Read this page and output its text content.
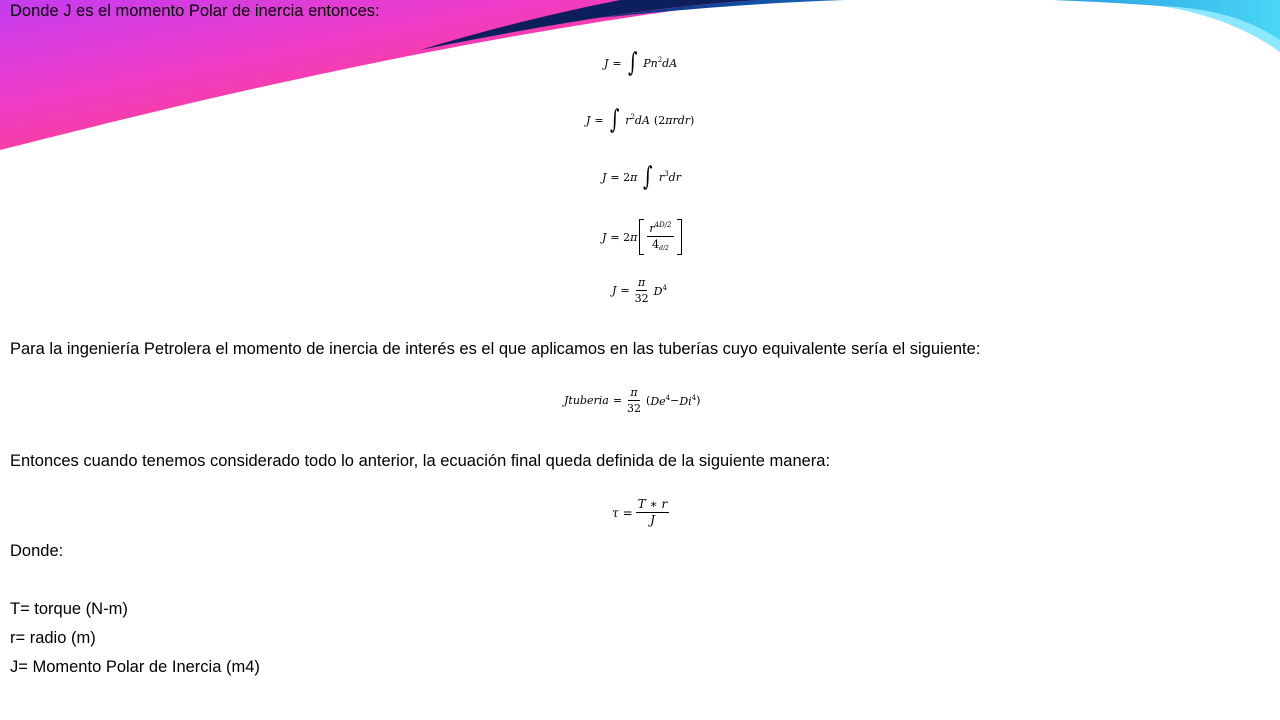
Donde J es el momento Polar de inercia entonces:
J = ∫ Pn$^2$dA
J = ∫ $r^2dA$ ( 2 πrdr )
J = 2 π ∫ $r^3dr$
J = 2 π $\frac{r^{4D/2}}{4_{d/2}}$
$J = \frac{\pi}{32} D^4$
Para la ingeniería Petrolera el momento de inercia de interés es el que aplicamos en las tuberías cuyo equivalente sería el siguiente:
Jtuberia = $\frac{\pi}{32}$ ( $De^4 - Di^4$ )
Entonces cuando tenemos considerado todo lo anterior, la ecuación final queda definida de la siguiente manera:
$\tau = \frac{T ∗ r}{J}$
Donde:
T= torque (N-m)
r= radio (m)
J= Momento Polar de Inercia (m4)
